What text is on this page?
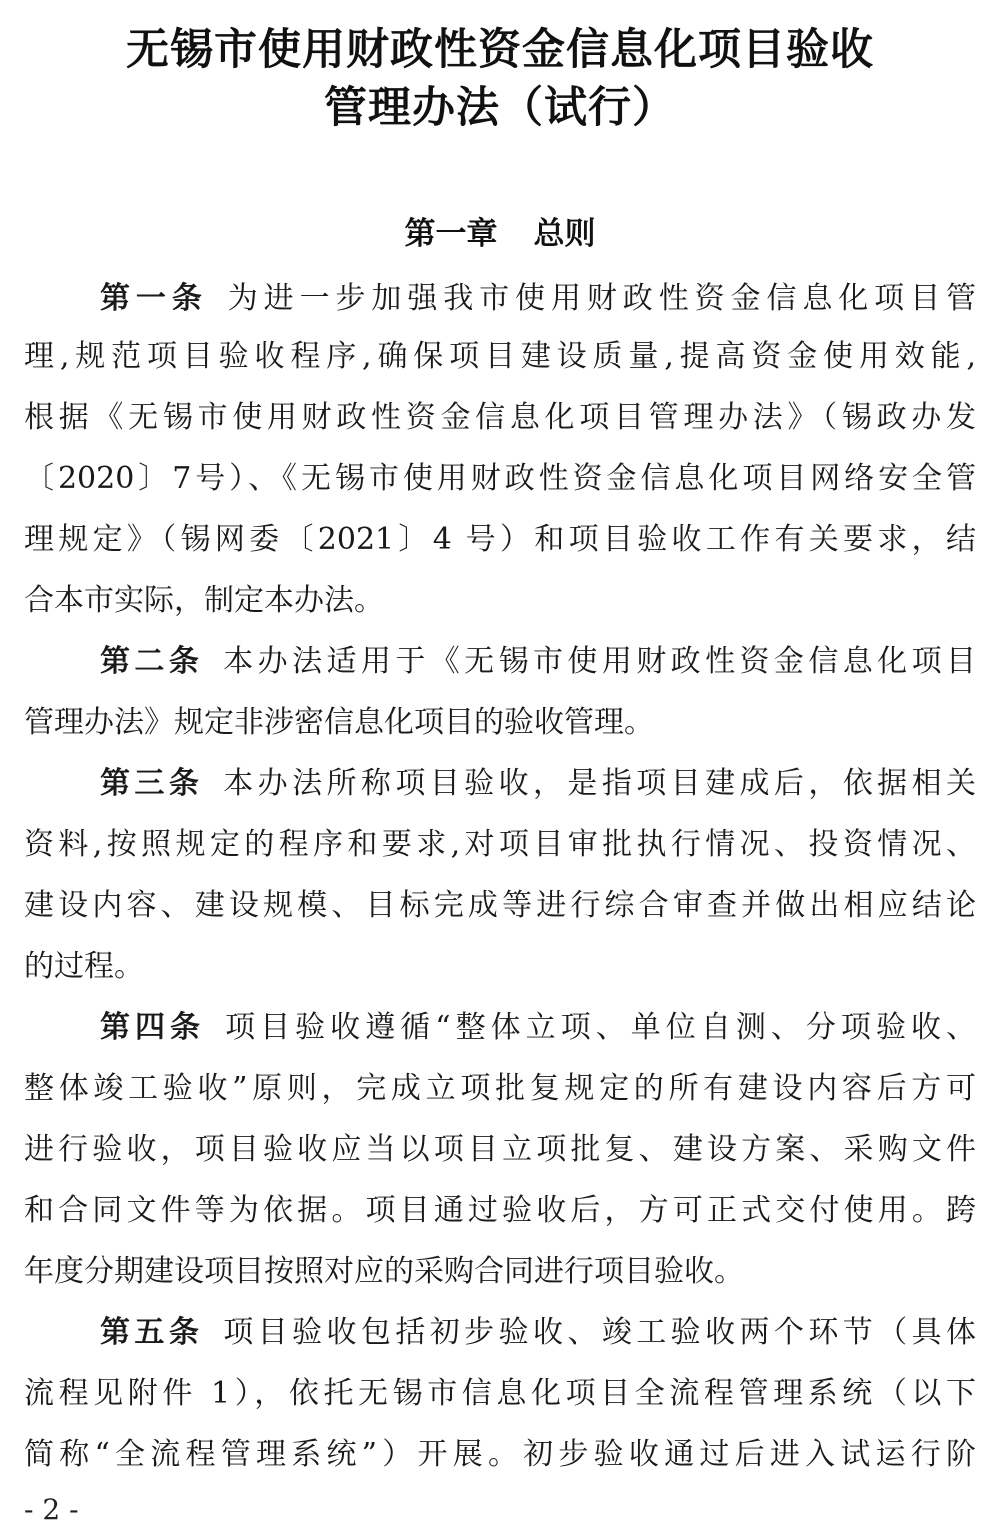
无锡市使用财政性资金信息化项目验收
管理办法（试行）
第一章 总则
第一条 为进一步加强我市使用财政性资金信息化项目管
理,规范项目验收程序,确保项目建设质量,提高资金使用效能,
根据《无锡市使用财政性资金信息化项目管理办法》（锡政办发
〔2020〕7号）、《无锡市使用财政性资金信息化项目网络安全管
理规定》（锡网委〔2021〕4 号）和项目验收工作有关要求，结
合本市实际，制定本办法。
第二条 本办法适用于《无锡市使用财政性资金信息化项目
管理办法》规定非涉密信息化项目的验收管理。
第三条 本办法所称项目验收，是指项目建成后，依据相关
资料,按照规定的程序和要求,对项目审批执行情况、投资情况、
建设内容、建设规模、目标完成等进行综合审查并做出相应结论
的过程。
第四条 项目验收遵循“整体立项、单位自测、分项验收、
整体竣工验收”原则，完成立项批复规定的所有建设内容后方可
进行验收，项目验收应当以项目立项批复、建设方案、采购文件
和合同文件等为依据。项目通过验收后，方可正式交付使用。跨
年度分期建设项目按照对应的采购合同进行项目验收。
第五条 项目验收包括初步验收、竣工验收两个环节（具体
流程见附件 1），依托无锡市信息化项目全流程管理系统（以下
简称“全流程管理系统”）开展。初步验收通过后进入试运行阶
- 2 -
